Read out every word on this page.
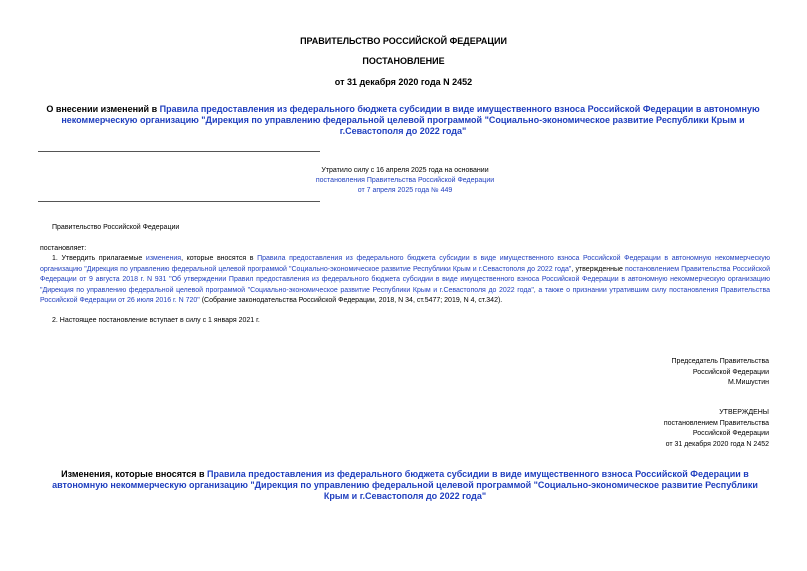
ПРАВИТЕЛЬСТВО РОССИЙСКОЙ ФЕДЕРАЦИИ
ПОСТАНОВЛЕНИЕ
от 31 декабря 2020 года N 2452
О внесении изменений в Правила предоставления из федерального бюджета субсидии в виде имущественного взноса Российской Федерации в автономную некоммерческую организацию "Дирекция по управлению федеральной целевой программой "Социально-экономическое развитие Республики Крым и г.Севастополя до 2022 года"
Утратило силу с 16 апреля 2025 года на основании
постановления Правительства Российской Федерации
от 7 апреля 2025 года № 449
Правительство Российской Федерации
постановляет:
1. Утвердить прилагаемые изменения, которые вносятся в Правила предоставления из федерального бюджета субсидии в виде имущественного взноса Российской Федерации в автономную некоммерческую организацию "Дирекция по управлению федеральной целевой программой "Социально-экономическое развитие Республики Крым и г.Севастополя до 2022 года", утвержденные постановлением Правительства Российской Федерации от 9 августа 2018 г. N 931 "Об утверждении Правил предоставления из федерального бюджета субсидии в виде имущественного взноса Российской Федерации в автономную некоммерческую организацию "Дирекция по управлению федеральной целевой программой "Социально-экономическое развитие Республики Крым и г.Севастополя до 2022 года", а также о признании утратившим силу постановления Правительства Российской Федерации от 26 июля 2016 г. N 720" (Собрание законодательства Российской Федерации, 2018, N 34, ст.5477; 2019, N 4, ст.342).
2. Настоящее постановление вступает в силу с 1 января 2021 г.
Председатель Правительства
Российской Федерации
М.Мишустин
УТВЕРЖДЕНЫ
постановлением Правительства
Российской Федерации
от 31 декабря 2020 года N 2452
Изменения, которые вносятся в Правила предоставления из федерального бюджета субсидии в виде имущественного взноса Российской Федерации в автономную некоммерческую организацию "Дирекция по управлению федеральной целевой программой "Социально-экономическое развитие Республики Крым и г.Севастополя до 2022 года"
